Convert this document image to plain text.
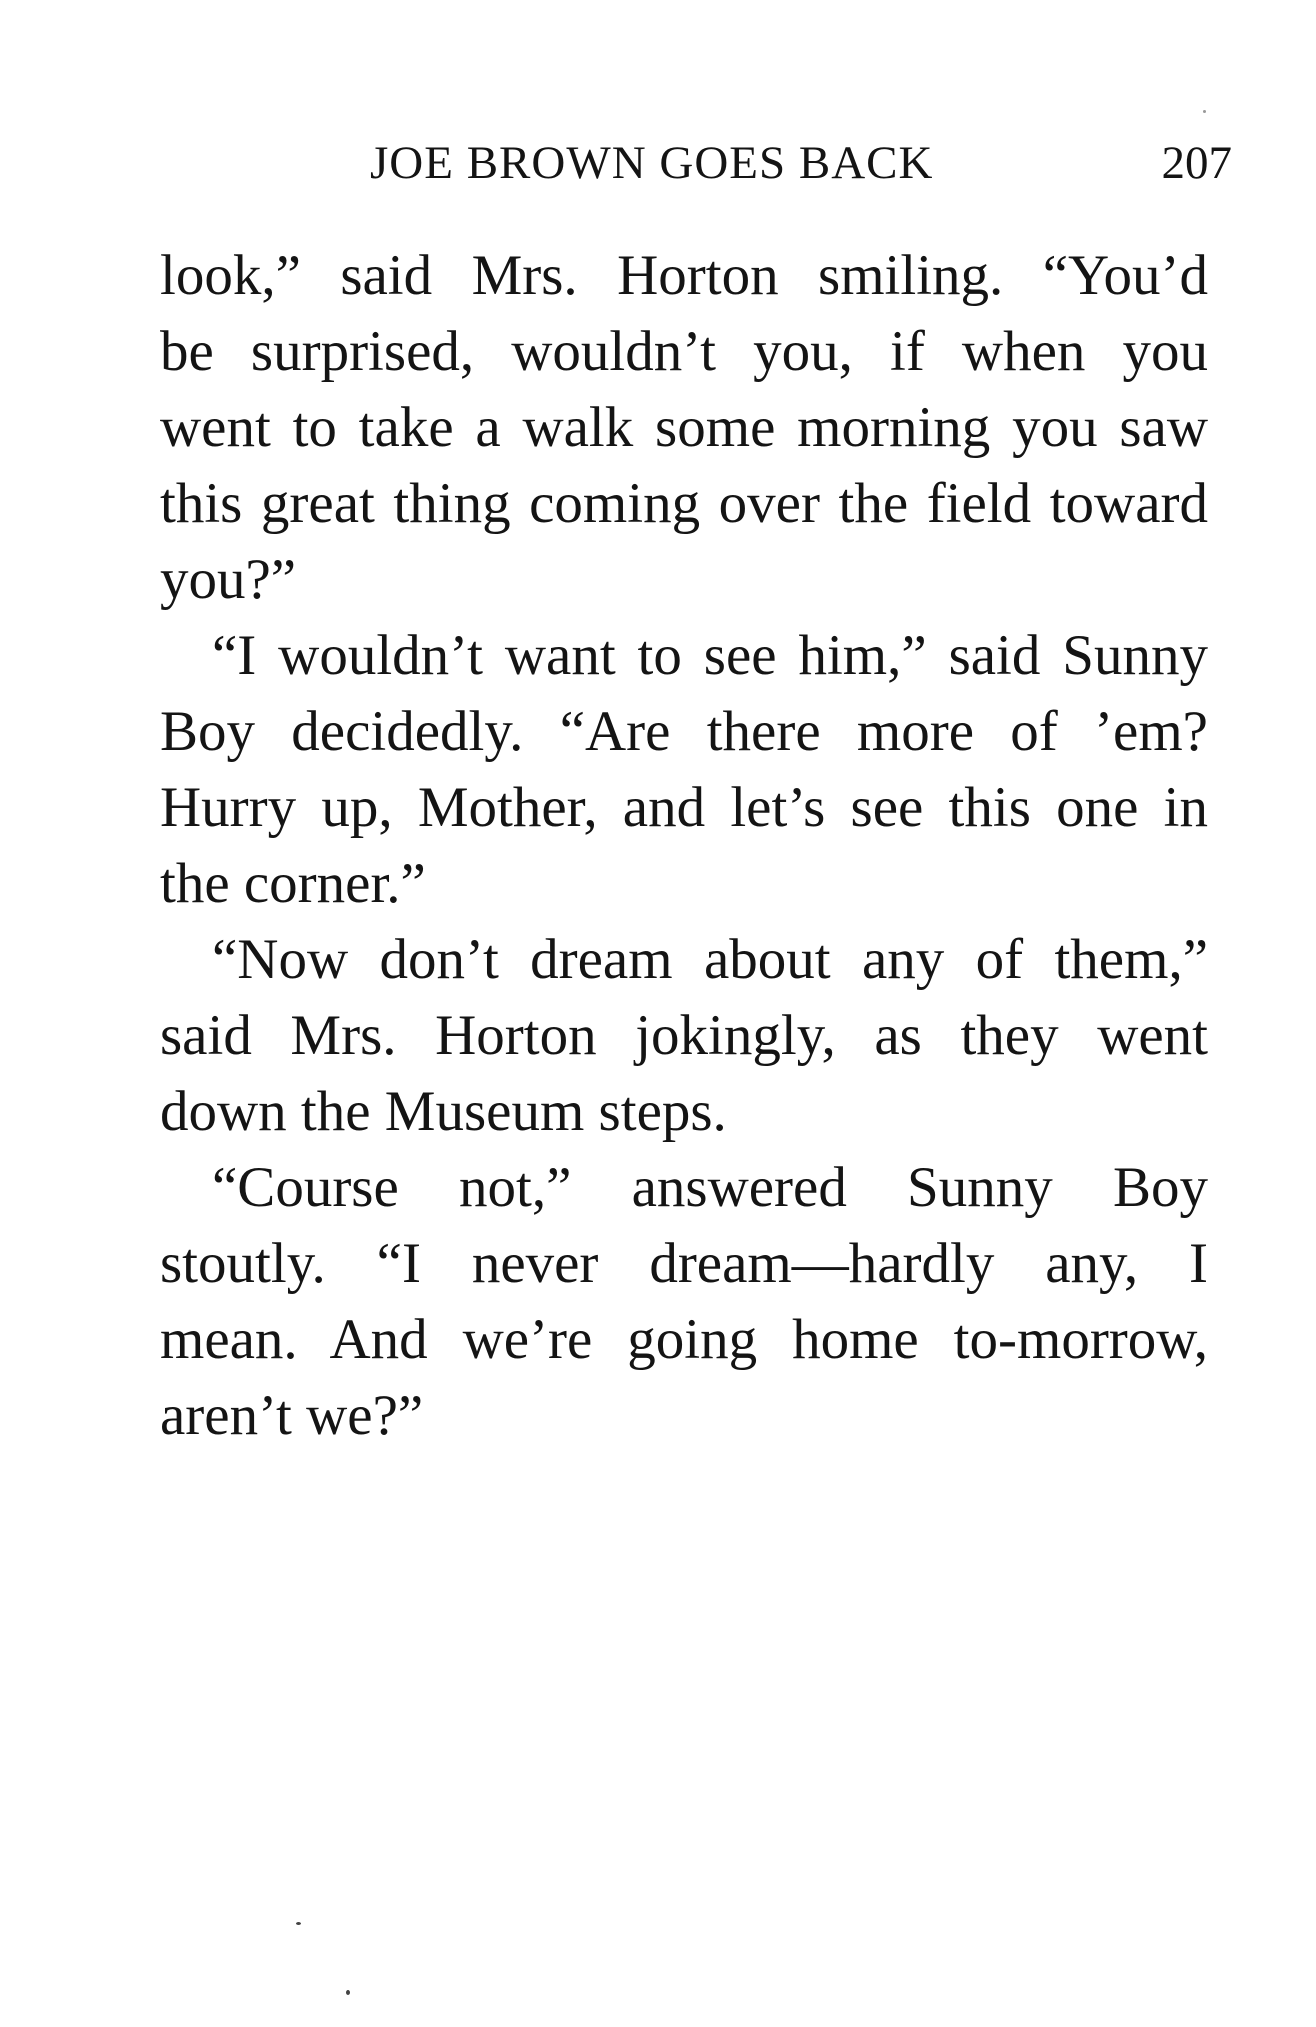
JOE BROWN GOES BACK	207
look,” said Mrs. Horton smiling. “You’d
be surprised, wouldn’t you, if when you
went to take a walk some morning you saw
this great thing coming over the field toward
you?”
“I wouldn’t want to see him,” said Sunny
Boy decidedly. “Are there more of ’em?
Hurry up, Mother, and let’s see this one in
the corner.”
“Now don’t dream about any of them,”
said Mrs. Horton jokingly, as they went
down the Museum steps.
“Course not,” answered Sunny Boy
stoutly. “I never dream—hardly any, I
mean. And we’re going home to-morrow,
aren’t we?”
